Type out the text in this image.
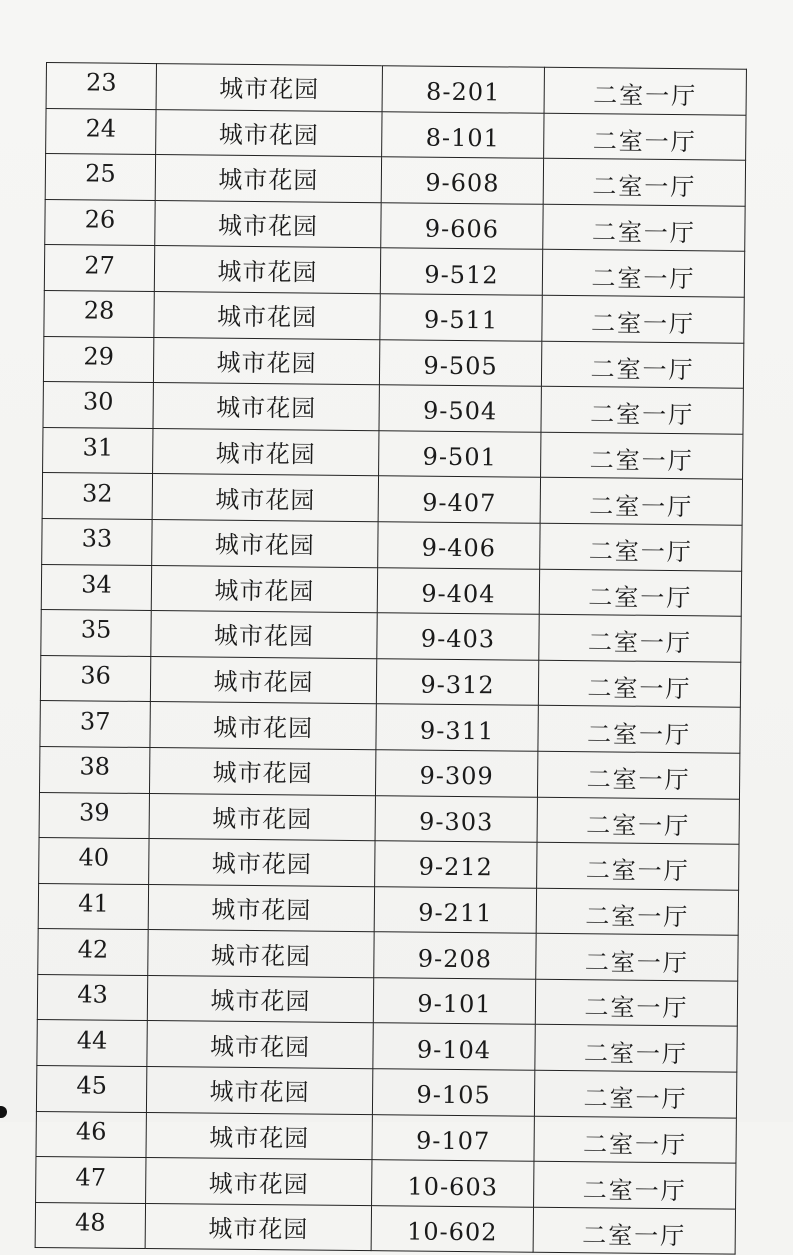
23	城市花园	8-201	二室一厅
24	城市花园	8-101	二室一厅
25	城市花园	9-608	二室一厅
26	城市花园	9-606	二室一厅
27	城市花园	9-512	二室一厅
28	城市花园	9-511	二室一厅
29	城市花园	9-505	二室一厅
30	城市花园	9-504	二室一厅
31	城市花园	9-501	二室一厅
32	城市花园	9-407	二室一厅
33	城市花园	9-406	二室一厅
34	城市花园	9-404	二室一厅
35	城市花园	9-403	二室一厅
36	城市花园	9-312	二室一厅
37	城市花园	9-311	二室一厅
38	城市花园	9-309	二室一厅
39	城市花园	9-303	二室一厅
40	城市花园	9-212	二室一厅
41	城市花园	9-211	二室一厅
42	城市花园	9-208	二室一厅
43	城市花园	9-101	二室一厅
44	城市花园	9-104	二室一厅
45	城市花园	9-105	二室一厅
46	城市花园	9-107	二室一厅
47	城市花园	10-603	二室一厅
48	城市花园	10-602	二室一厅
